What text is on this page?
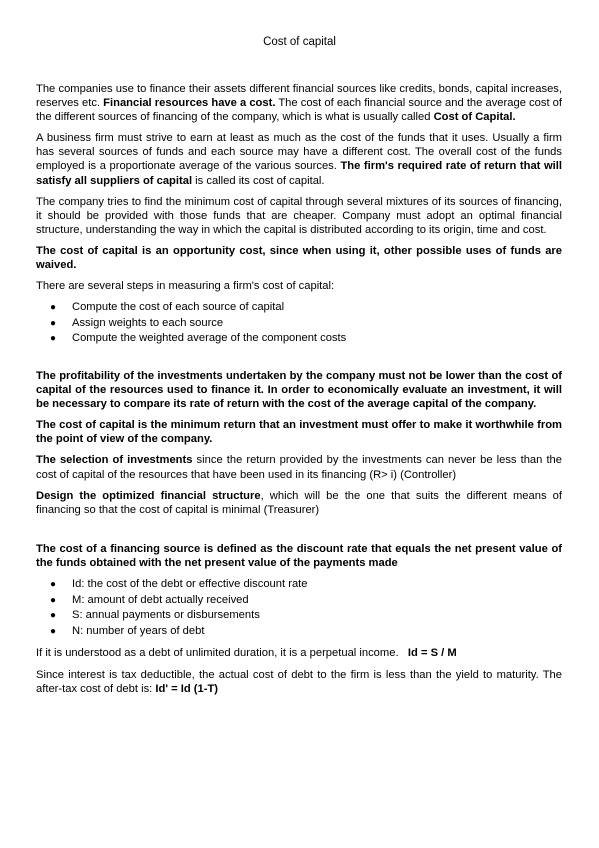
Cost of capital

The companies use to finance their assets different financial sources like credits, bonds, capital increases, reserves etc. Financial resources have a cost. The cost of each financial source and the average cost of the different sources of financing of the company, which is what is usually called Cost of Capital.

A business firm must strive to earn at least as much as the cost of the funds that it uses. Usually a firm has several sources of funds and each source may have a different cost. The overall cost of the funds employed is a proportionate average of the various sources. The firm's required rate of return that will satisfy all suppliers of capital is called its cost of capital.

The company tries to find the minimum cost of capital through several mixtures of its sources of financing, it should be provided with those funds that are cheaper. Company must adopt an optimal financial structure, understanding the way in which the capital is distributed according to its origin, time and cost.

The cost of capital is an opportunity cost, since when using it, other possible uses of funds are waived.

There are several steps in measuring a firm's cost of capital:

● Compute the cost of each source of capital
● Assign weights to each source
● Compute the weighted average of the component costs

The profitability of the investments undertaken by the company must not be lower than the cost of capital of the resources used to finance it. In order to economically evaluate an investment, it will be necessary to compare its rate of return with the cost of the average capital of the company.

The cost of capital is the minimum return that an investment must offer to make it worthwhile from the point of view of the company.

The selection of investments since the return provided by the investments can never be less than the cost of capital of the resources that have been used in its financing (R> i) (Controller)

Design the optimized financial structure, which will be the one that suits the different means of financing so that the cost of capital is minimal (Treasurer)

The cost of a financing source is defined as the discount rate that equals the net present value of the funds obtained with the net present value of the payments made

● Id: the cost of the debt or effective discount rate
● M: amount of debt actually received
● S: annual payments or disbursements
● N: number of years of debt

If it is understood as a debt of unlimited duration, it is a perpetual income.   Id = S / M

Since interest is tax deductible, the actual cost of debt to the firm is less than the yield to maturity. The after-tax cost of debt is: Id' = Id (1-T)
